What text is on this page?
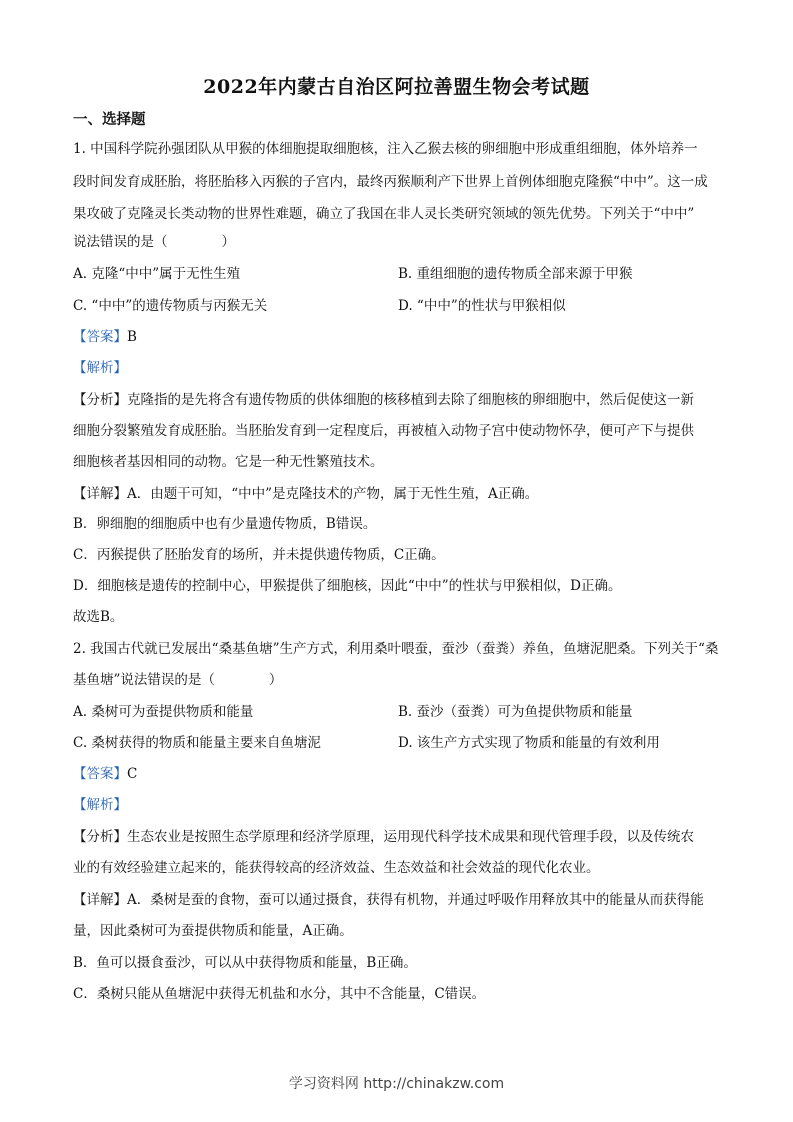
2022年内蒙古自治区阿拉善盟生物会考试题
一、选择题
1. 中国科学院孙强团队从甲猴的体细胞提取细胞核，注入乙猴去核的卵细胞中形成重组细胞，体外培养一
段时间发育成胚胎，将胚胎移入丙猴的子宫内，最终丙猴顺利产下世界上首例体细胞克隆猴“中中”。这一成
果攻破了克隆灵长类动物的世界性难题，确立了我国在非人灵长类研究领域的领先优势。下列关于“中中”
说法错误的是（　　　　）
A. 克隆“中中”属于无性生殖	B. 重组细胞的遗传物质全部来源于甲猴
C. “中中”的遗传物质与丙猴无关	D. “中中”的性状与甲猴相似
【答案】B
【解析】
【分析】克隆指的是先将含有遗传物质的供体细胞的核移植到去除了细胞核的卵细胞中，然后促使这一新
细胞分裂繁殖发育成胚胎。当胚胎发育到一定程度后，再被植入动物子宫中使动物怀孕，便可产下与提供
细胞核者基因相同的动物。它是一种无性繁殖技术。
【详解】A．由题干可知，“中中”是克隆技术的产物，属于无性生殖，A正确。
B．卵细胞的细胞质中也有少量遗传物质，B错误。
C．丙猴提供了胚胎发育的场所，并未提供遗传物质，C正确。
D．细胞核是遗传的控制中心，甲猴提供了细胞核，因此“中中”的性状与甲猴相似，D正确。
故选B。
2. 我国古代就已发展出“桑基鱼塘”生产方式，利用桑叶喂蚕，蚕沙（蚕粪）养鱼，鱼塘泥肥桑。下列关于“桑
基鱼塘”说法错误的是（　　　　）
A. 桑树可为蚕提供物质和能量	B. 蚕沙（蚕粪）可为鱼提供物质和能量
C. 桑树获得的物质和能量主要来自鱼塘泥	D. 该生产方式实现了物质和能量的有效利用
【答案】C
【解析】
【分析】生态农业是按照生态学原理和经济学原理，运用现代科学技术成果和现代管理手段，以及传统农
业的有效经验建立起来的，能获得较高的经济效益、生态效益和社会效益的现代化农业。
【详解】A．桑树是蚕的食物，蚕可以通过摄食，获得有机物，并通过呼吸作用释放其中的能量从而获得能
量，因此桑树可为蚕提供物质和能量，A正确。
B．鱼可以摄食蚕沙，可以从中获得物质和能量，B正确。
C．桑树只能从鱼塘泥中获得无机盐和水分，其中不含能量，C错误。
学习资料网 http://chinakzw.com
